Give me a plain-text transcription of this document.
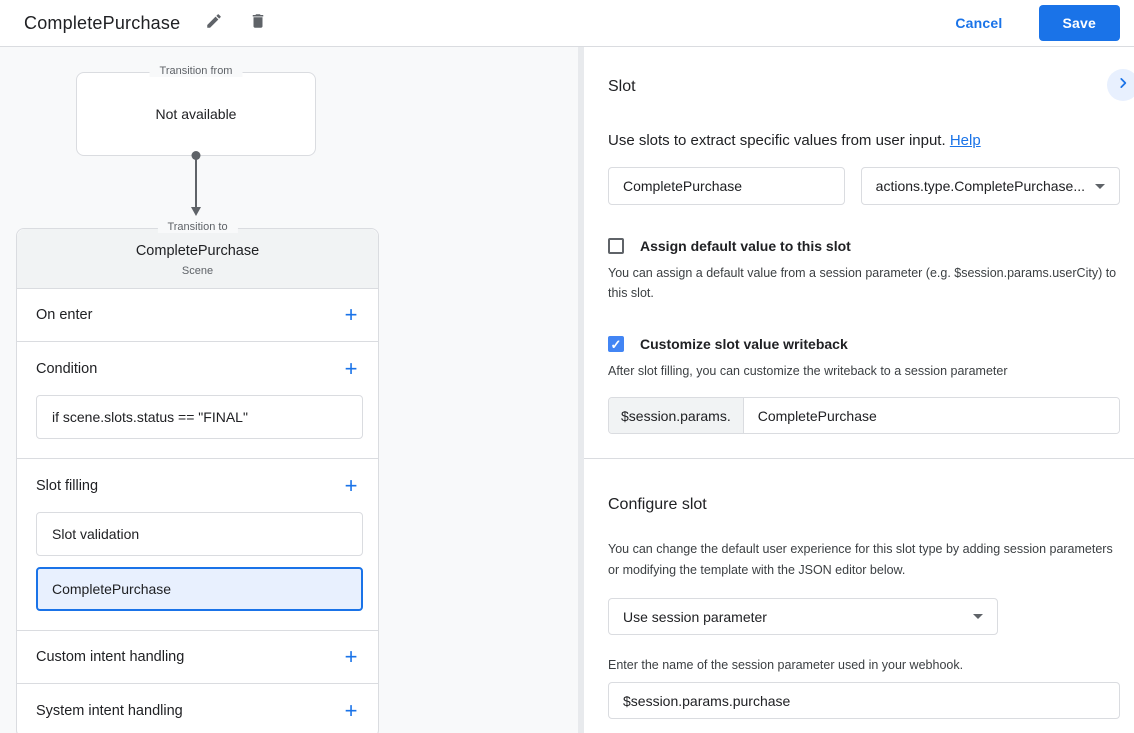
CompletePurchase	Cancel	Save
Transition from
Not available
Transition to
CompletePurchase
Scene
On enter	+
Condition	+
if scene.slots.status == "FINAL"
Slot filling	+
Slot validation
CompletePurchase
Custom intent handling	+
System intent handling	+
Slot
Use slots to extract specific values from user input. Help
CompletePurchase
actions.type.CompletePurchase...
Assign default value to this slot
You can assign a default value from a session parameter (e.g. $session.params.userCity) to this slot.
✓ Customize slot value writeback
After slot filling, you can customize the writeback to a session parameter
$session.params.
CompletePurchase
Configure slot
You can change the default user experience for this slot type by adding session parameters or modifying the template with the JSON editor below.
Use session parameter
Enter the name of the session parameter used in your webhook.
$session.params.purchase
